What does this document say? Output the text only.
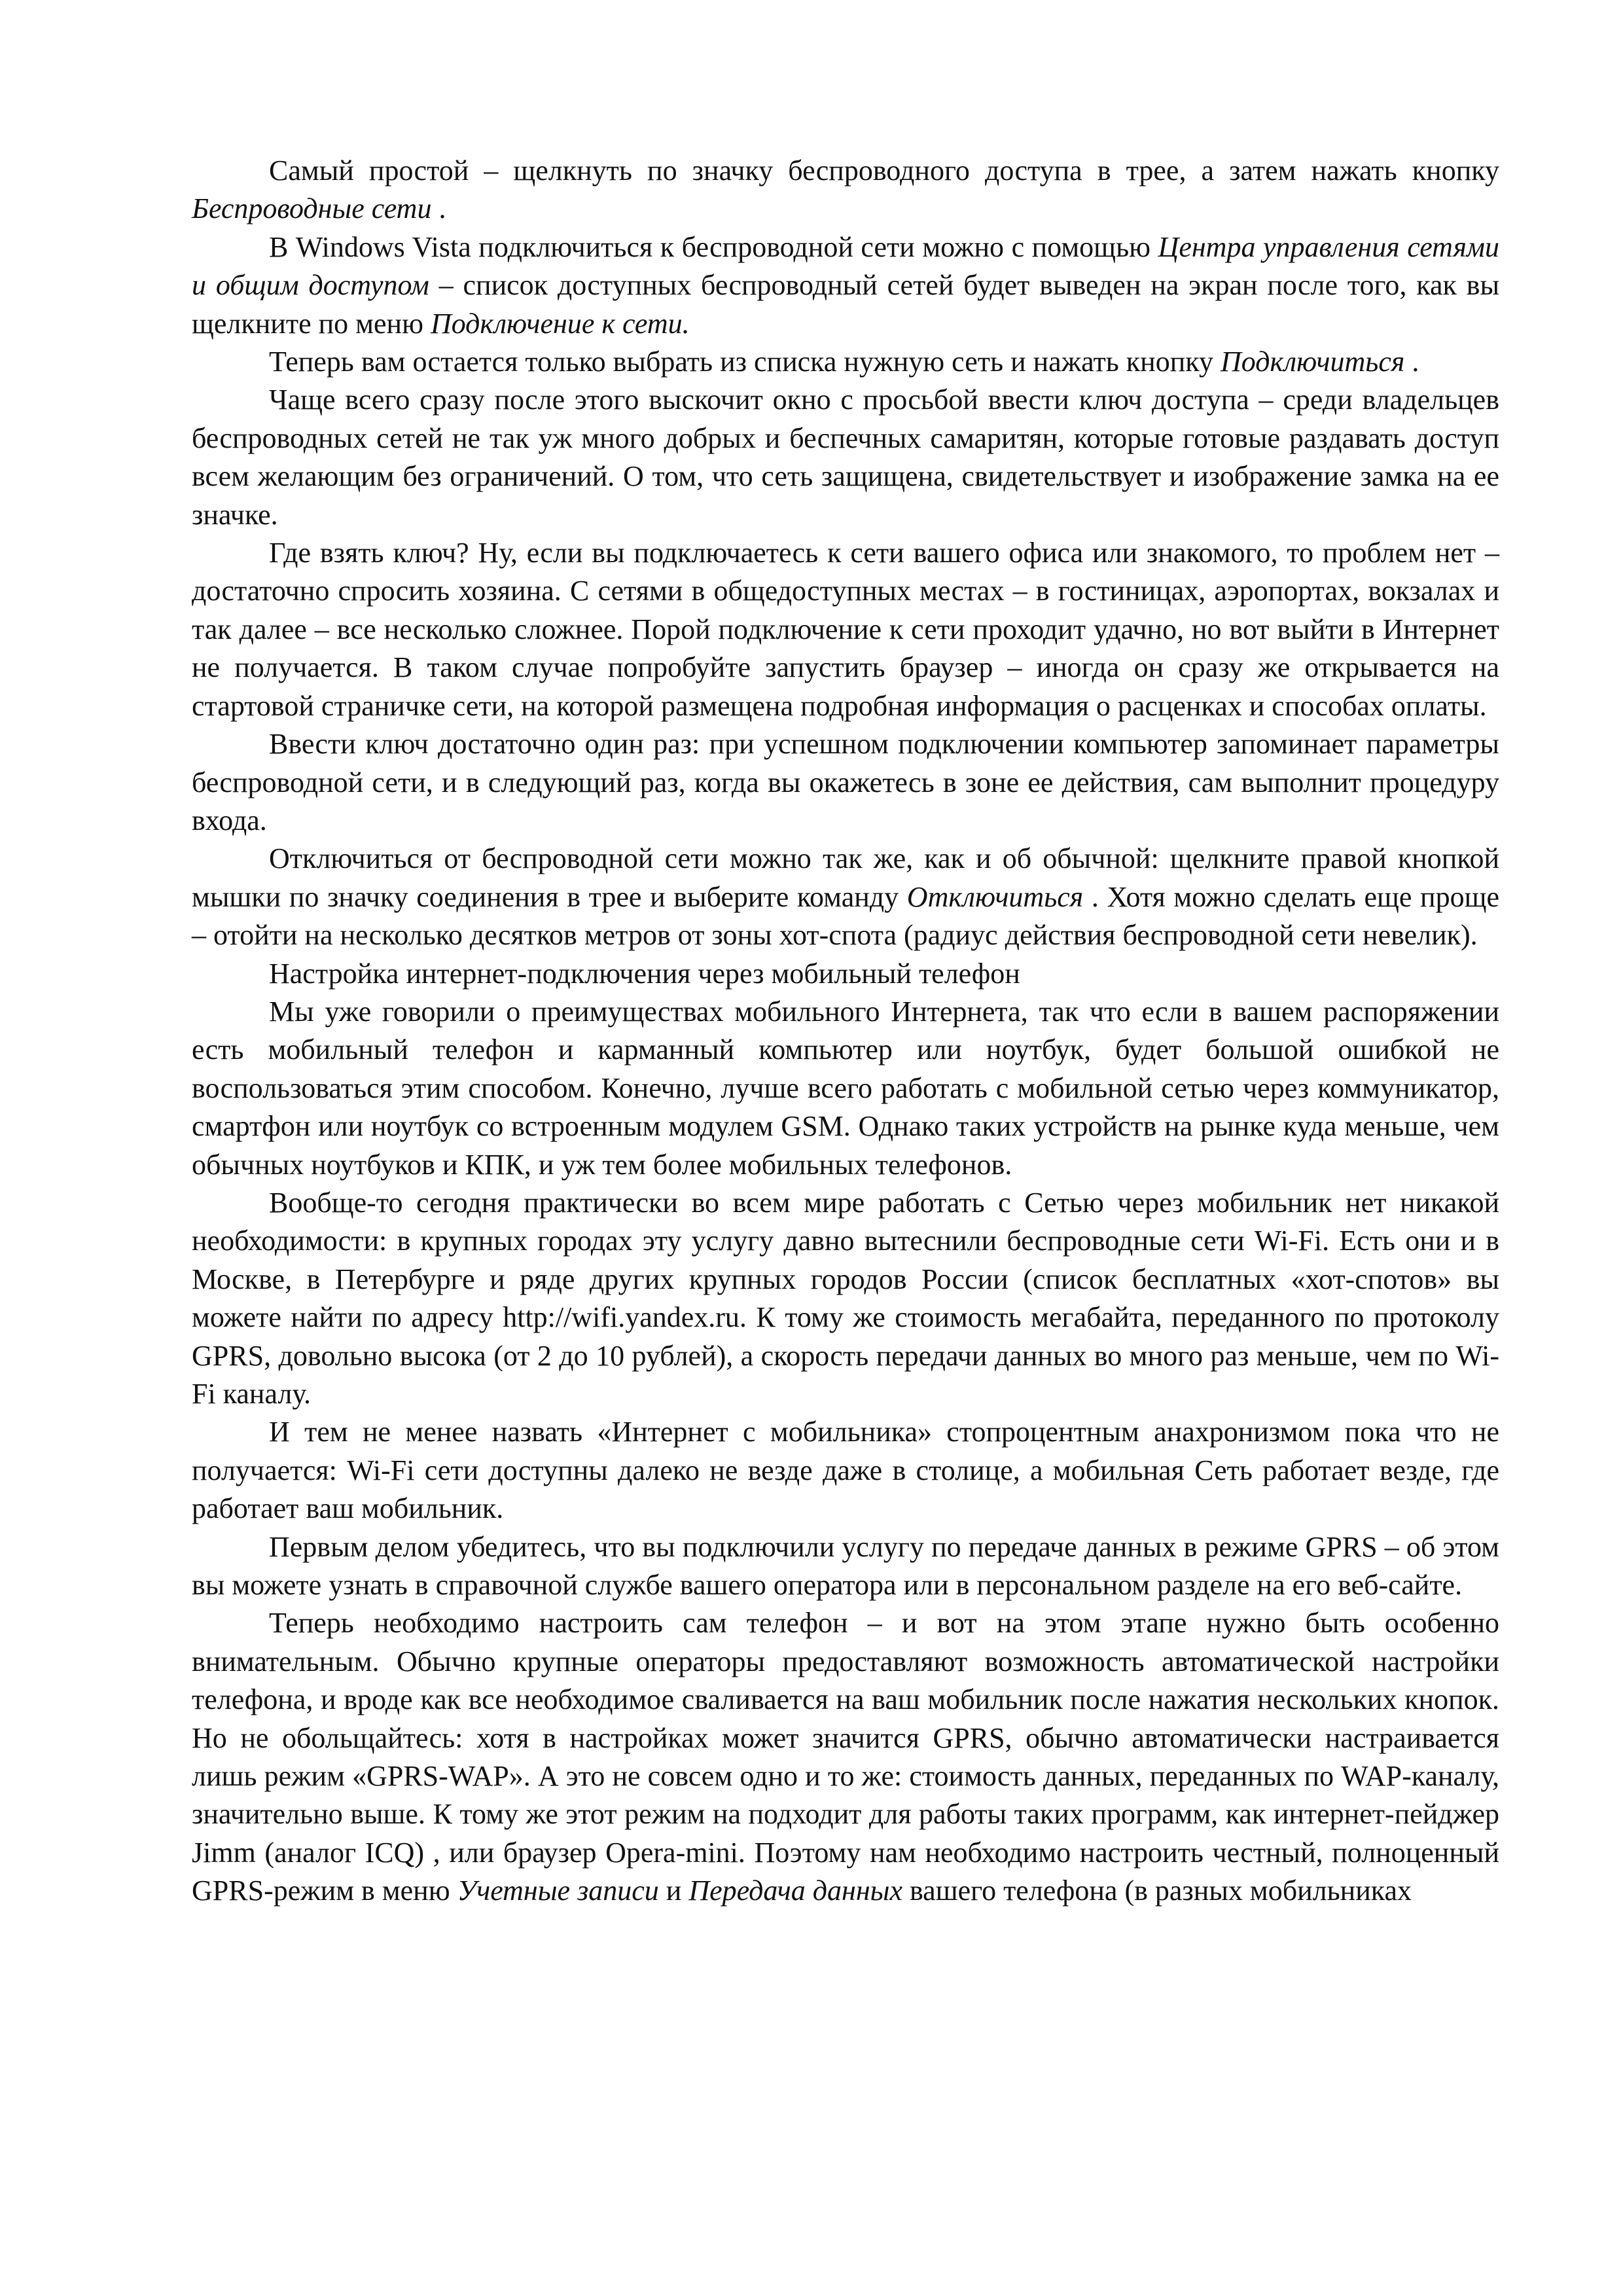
Самый простой – щелкнуть по значку беспроводного доступа в трее, а затем нажать кнопку Беспроводные сети .

В Windows Vista подключиться к беспроводной сети можно с помощью Центра управления сетями и общим доступом – список доступных беспроводный сетей будет выведен на экран после того, как вы щелкните по меню Подключение к сети.

Теперь вам остается только выбрать из списка нужную сеть и нажать кнопку Подключиться .

Чаще всего сразу после этого выскочит окно с просьбой ввести ключ доступа – среди владельцев беспроводных сетей не так уж много добрых и беспечных самаритян, которые готовые раздавать доступ всем желающим без ограничений. О том, что сеть защищена, свидетельствует и изображение замка на ее значке.

Где взять ключ? Ну, если вы подключаетесь к сети вашего офиса или знакомого, то проблем нет – достаточно спросить хозяина. С сетями в общедоступных местах – в гостиницах, аэропортах, вокзалах и так далее – все несколько сложнее. Порой подключение к сети проходит удачно, но вот выйти в Интернет не получается. В таком случае попробуйте запустить браузер – иногда он сразу же открывается на стартовой страничке сети, на которой размещена подробная информация о расценках и способах оплаты.

Ввести ключ достаточно один раз: при успешном подключении компьютер запоминает параметры беспроводной сети, и в следующий раз, когда вы окажетесь в зоне ее действия, сам выполнит процедуру входа.

Отключиться от беспроводной сети можно так же, как и об обычной: щелкните правой кнопкой мышки по значку соединения в трее и выберите команду Отключиться . Хотя можно сделать еще проще – отойти на несколько десятков метров от зоны хот-спота (радиус действия беспроводной сети невелик).

Настройка интернет-подключения через мобильный телефон

Мы уже говорили о преимуществах мобильного Интернета, так что если в вашем распоряжении есть мобильный телефон и карманный компьютер или ноутбук, будет большой ошибкой не воспользоваться этим способом. Конечно, лучше всего работать с мобильной сетью через коммуникатор, смартфон или ноутбук со встроенным модулем GSM. Однако таких устройств на рынке куда меньше, чем обычных ноутбуков и КПК, и уж тем более мобильных телефонов.

Вообще-то сегодня практически во всем мире работать с Сетью через мобильник нет никакой необходимости: в крупных городах эту услугу давно вытеснили беспроводные сети Wi-Fi. Есть они и в Москве, в Петербурге и ряде других крупных городов России (список бесплатных «хот-спотов» вы можете найти по адресу http://wifi.yandex.ru. К тому же стоимость мегабайта, переданного по протоколу GPRS, довольно высока (от 2 до 10 рублей), а скорость передачи данных во много раз меньше, чем по Wi-Fi каналу.

И тем не менее назвать «Интернет с мобильника» стопроцентным анахронизмом пока что не получается: Wi-Fi сети доступны далеко не везде даже в столице, а мобильная Сеть работает везде, где работает ваш мобильник.

Первым делом убедитесь, что вы подключили услугу по передаче данных в режиме GPRS – об этом вы можете узнать в справочной службе вашего оператора или в персональном разделе на его веб-сайте.

Теперь необходимо настроить сам телефон – и вот на этом этапе нужно быть особенно внимательным. Обычно крупные операторы предоставляют возможность автоматической настройки телефона, и вроде как все необходимое сваливается на ваш мобильник после нажатия нескольких кнопок. Но не обольщайтесь: хотя в настройках может значится GPRS, обычно автоматически настраивается лишь режим «GPRS-WAP». А это не совсем одно и то же: стоимость данных, переданных по WAP-каналу, значительно выше. К тому же этот режим на подходит для работы таких программ, как интернет-пейджер Jimm (аналог ICQ) , или браузер Opera-mini. Поэтому нам необходимо настроить честный, полноценный GPRS-режим в меню Учетные записи и Передача данных вашего телефона (в разных мобильниках
